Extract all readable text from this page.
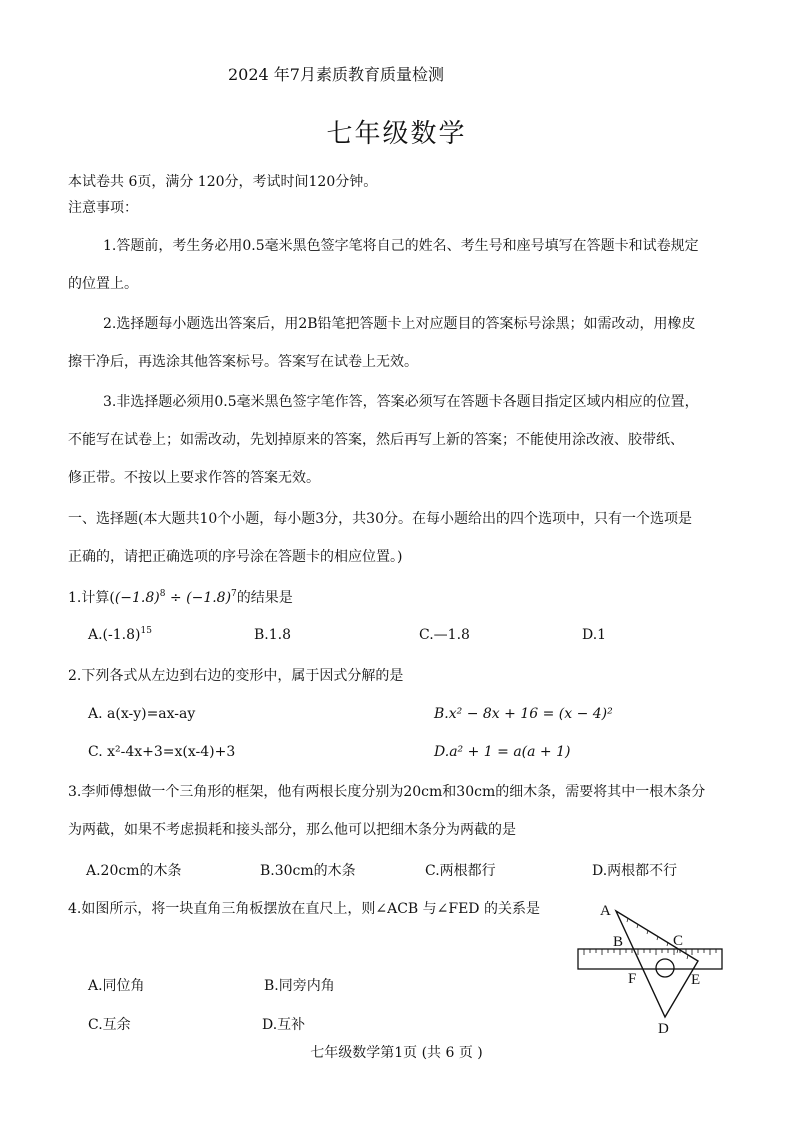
2024 年7月素质教育质量检测
七年级数学
本试卷共 6页，满分 120分，考试时间120分钟。
注意事项：
1.答题前，考生务必用0.5毫米黑色签字笔将自己的姓名、考生号和座号填写在答题卡和试卷规定
的位置上。
2.选择题每小题选出答案后，用2B铅笔把答题卡上对应题目的答案标号涂黑；如需改动，用橡皮
擦干净后，再选涂其他答案标号。答案写在试卷上无效。
3.非选择题必须用0.5毫米黑色签字笔作答，答案必须写在答题卡各题目指定区域内相应的位置，
不能写在试卷上；如需改动，先划掉原来的答案，然后再写上新的答案；不能使用涂改液、胶带纸、
修正带。不按以上要求作答的答案无效。
一、选择题(本大题共10个小题，每小题3分，共30分。在每小题给出的四个选项中，只有一个选项是
正确的，请把正确选项的序号涂在答题卡的相应位置。)
1.计算($(-1.8)^8 \div (-1.8)^7$的结果是
$A.(-1.8)^{15}$	B.1.8	C.—1.8	D.1
2.下列各式从左边到右边的变形中，属于因式分解的是
A. a(x-y)=ax-ay	B.x² − 8x + 16 = (x − 4)²
C. x²-4x+3=x(x-4)+3	D.a² + 1 = a(a + 1)
3.李师傅想做一个三角形的框架，他有两根长度分别为20cm和30cm的细木条，需要将其中一根木条分
为两截，如果不考虑损耗和接头部分，那么他可以把细木条分为两截的是
A.20cm的木条	B.30cm的木条	C.两根都行	D.两根都不行
4.如图所示，将一块直角三角板摆放在直尺上，则∠ACB 与∠FED 的关系是
A.同位角	B.同旁内角
C.互余	D.互补
A
B	C
F	E
D
七年级数学第1页 (共 6 页 )
